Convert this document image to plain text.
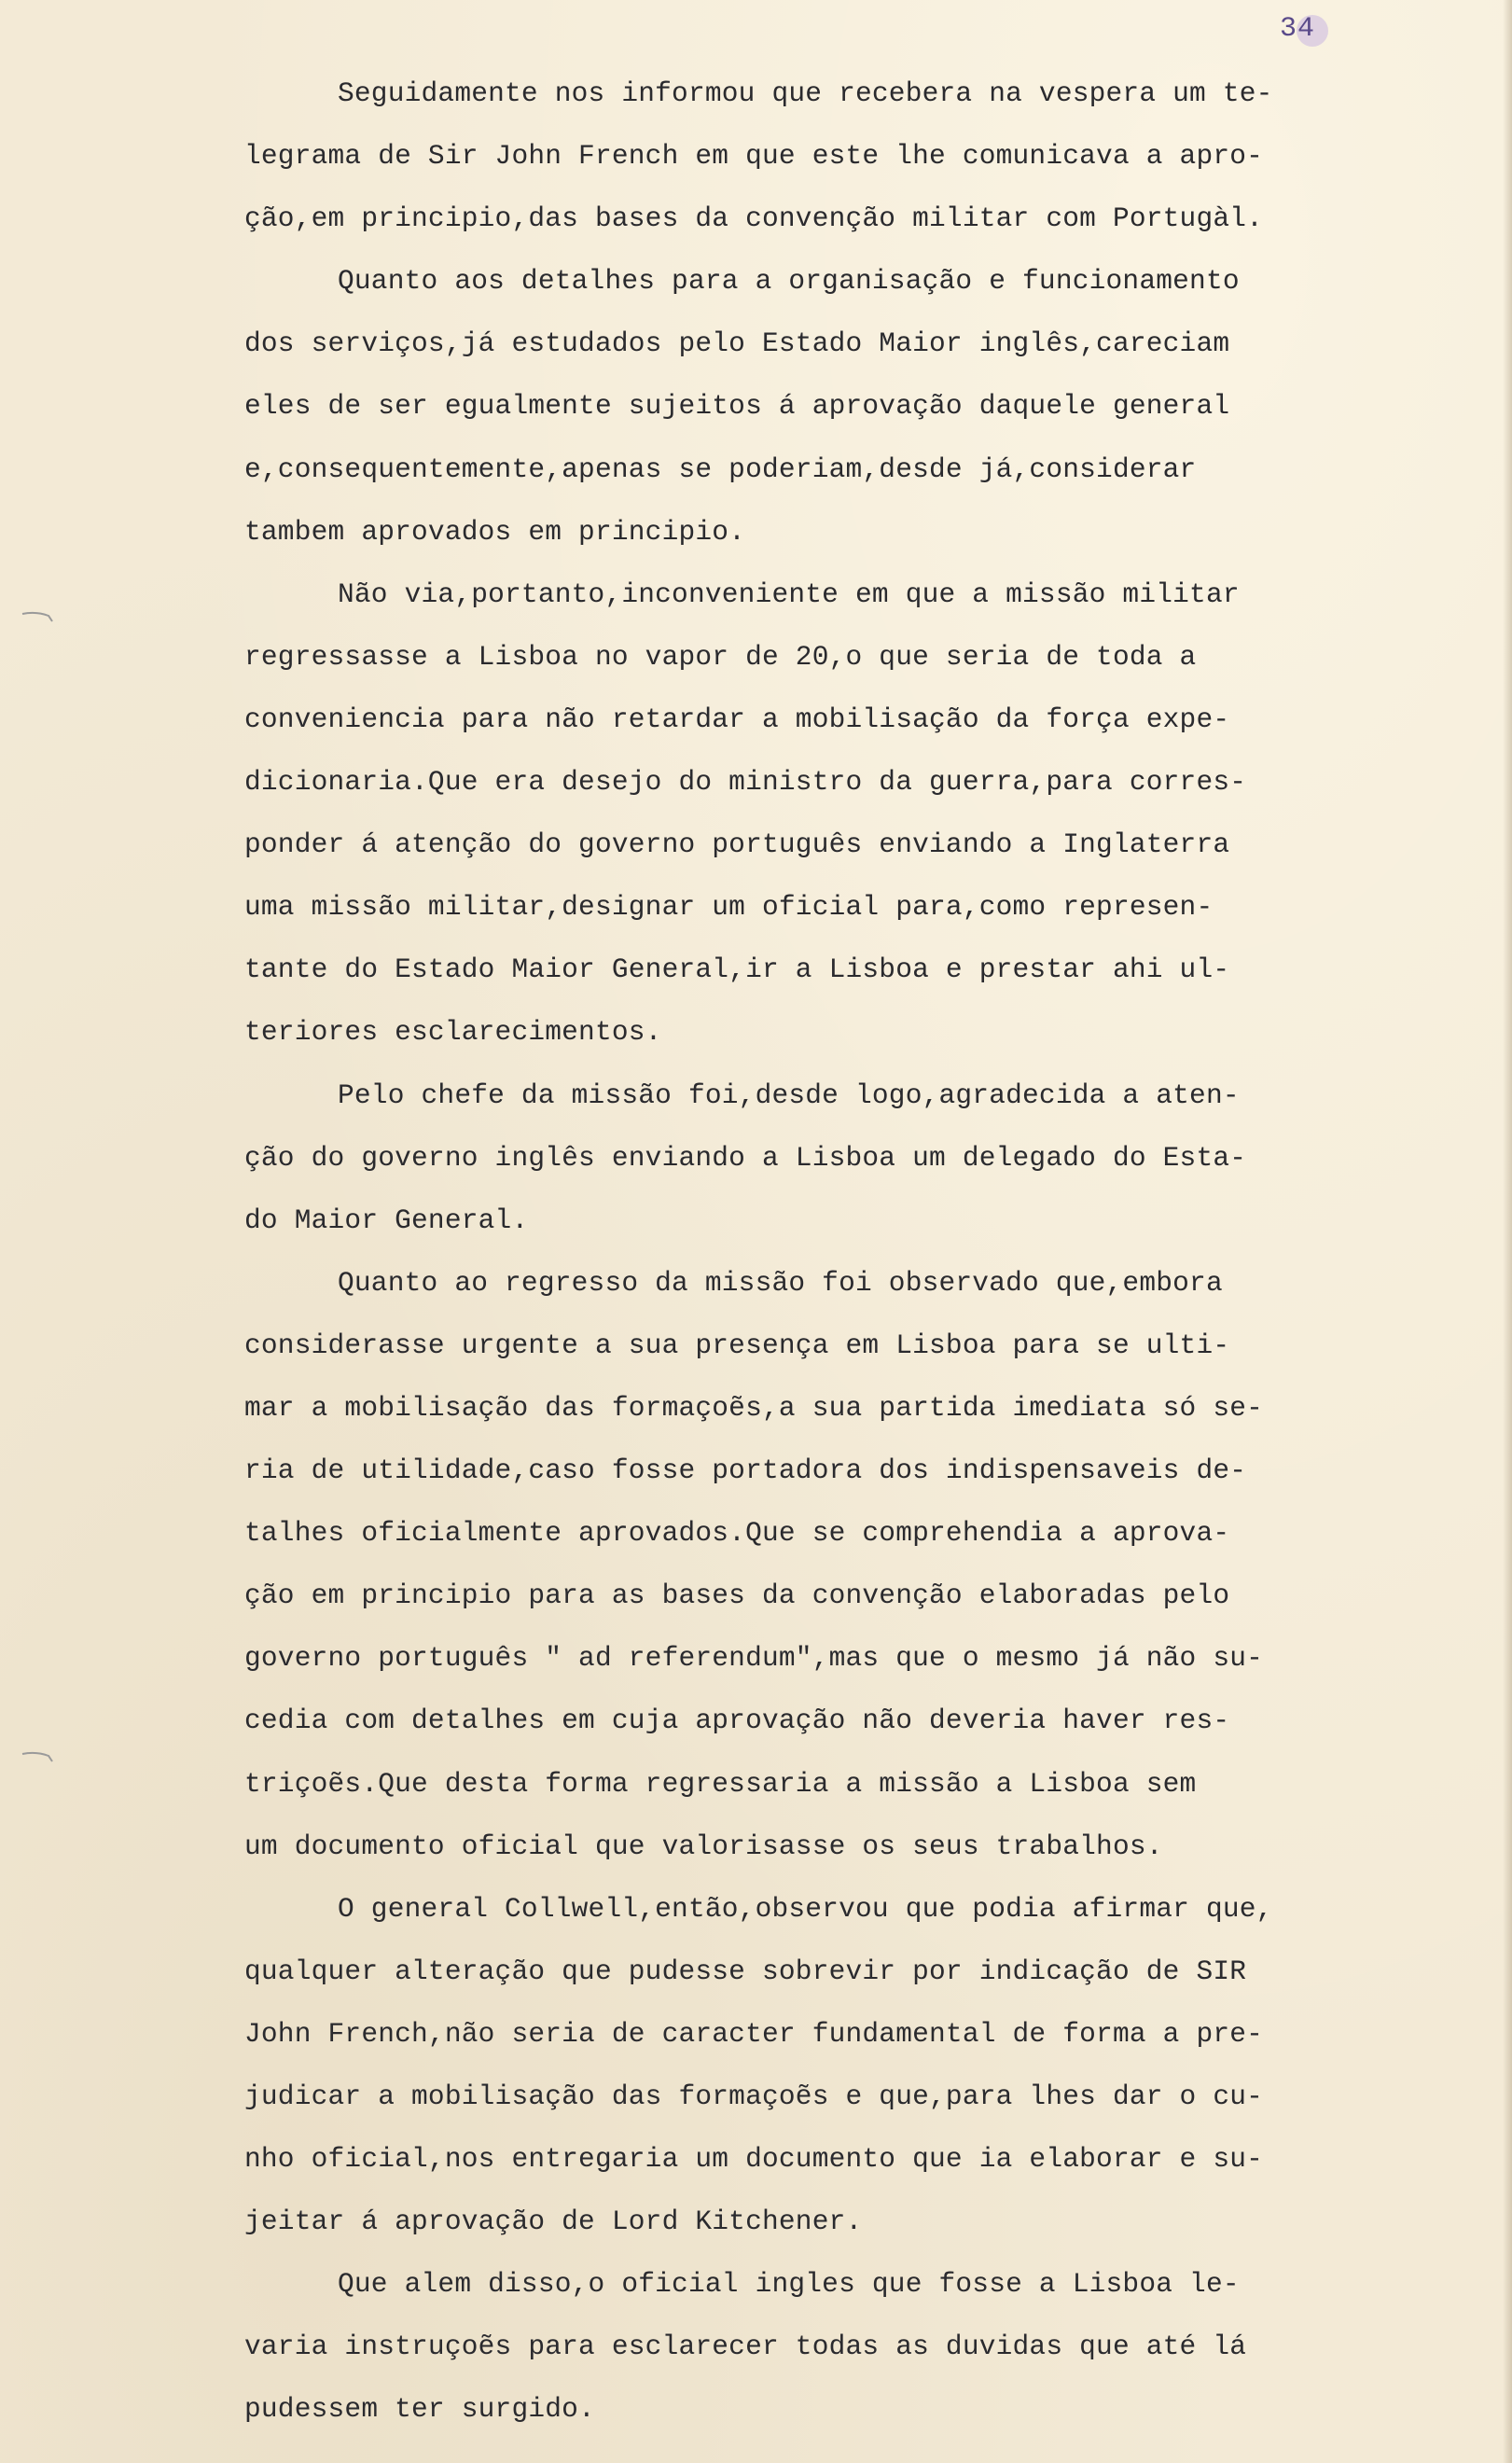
34
Seguidamente nos informou que recebera na vespera um te-
legrama de Sir John French em que este lhe comunicava a apro-
ção,em principio,das bases da convenção militar com Portugàl.
Quanto aos detalhes para a organisação e funcionamento
dos serviços,já estudados pelo Estado Maior inglês,careciam
eles de ser egualmente sujeitos á aprovação daquele general
e,consequentemente,apenas se poderiam,desde já,considerar
tambem aprovados em principio.
Não via,portanto,inconveniente em que a missão militar
regressasse a Lisboa no vapor de 20,o que seria de toda a
conveniencia para não retardar a mobilisação da força expe-
dicionaria.Que era desejo do ministro da guerra,para corres-
ponder á atenção do governo português enviando a Inglaterra
uma missão militar,designar um oficial para,como represen-
tante do Estado Maior General,ir a Lisboa e prestar ahi ul-
teriores esclarecimentos.
Pelo chefe da missão foi,desde logo,agradecida a aten-
ção do governo inglês enviando a Lisboa um delegado do Esta-
do Maior General.
Quanto ao regresso da missão foi observado que,embora
considerasse urgente a sua presença em Lisboa para se ulti-
mar a mobilisação das formaçoẽs,a sua partida imediata só se-
ria de utilidade,caso fosse portadora dos indispensaveis de-
talhes oficialmente aprovados.Que se comprehendia a aprova-
ção em principio para as bases da convenção elaboradas pelo
governo português " ad referendum",mas que o mesmo já não su-
cedia com detalhes em cuja aprovação não deveria haver res-
triçoẽs.Que desta forma regressaria a missão a Lisboa sem
um documento oficial que valorisasse os seus trabalhos.
O general Collwell,então,observou que podia afirmar que,
qualquer alteração que pudesse sobrevir por indicação de SIR
John French,não seria de caracter fundamental de forma a pre-
judicar a mobilisação das formaçoẽs e que,para lhes dar o cu-
nho oficial,nos entregaria um documento que ia elaborar e su-
jeitar á aprovação de Lord Kitchener.
Que alem disso,o oficial ingles que fosse a Lisboa le-
varia instruçoẽs para esclarecer todas as duvidas que até lá
pudessem ter surgido.
